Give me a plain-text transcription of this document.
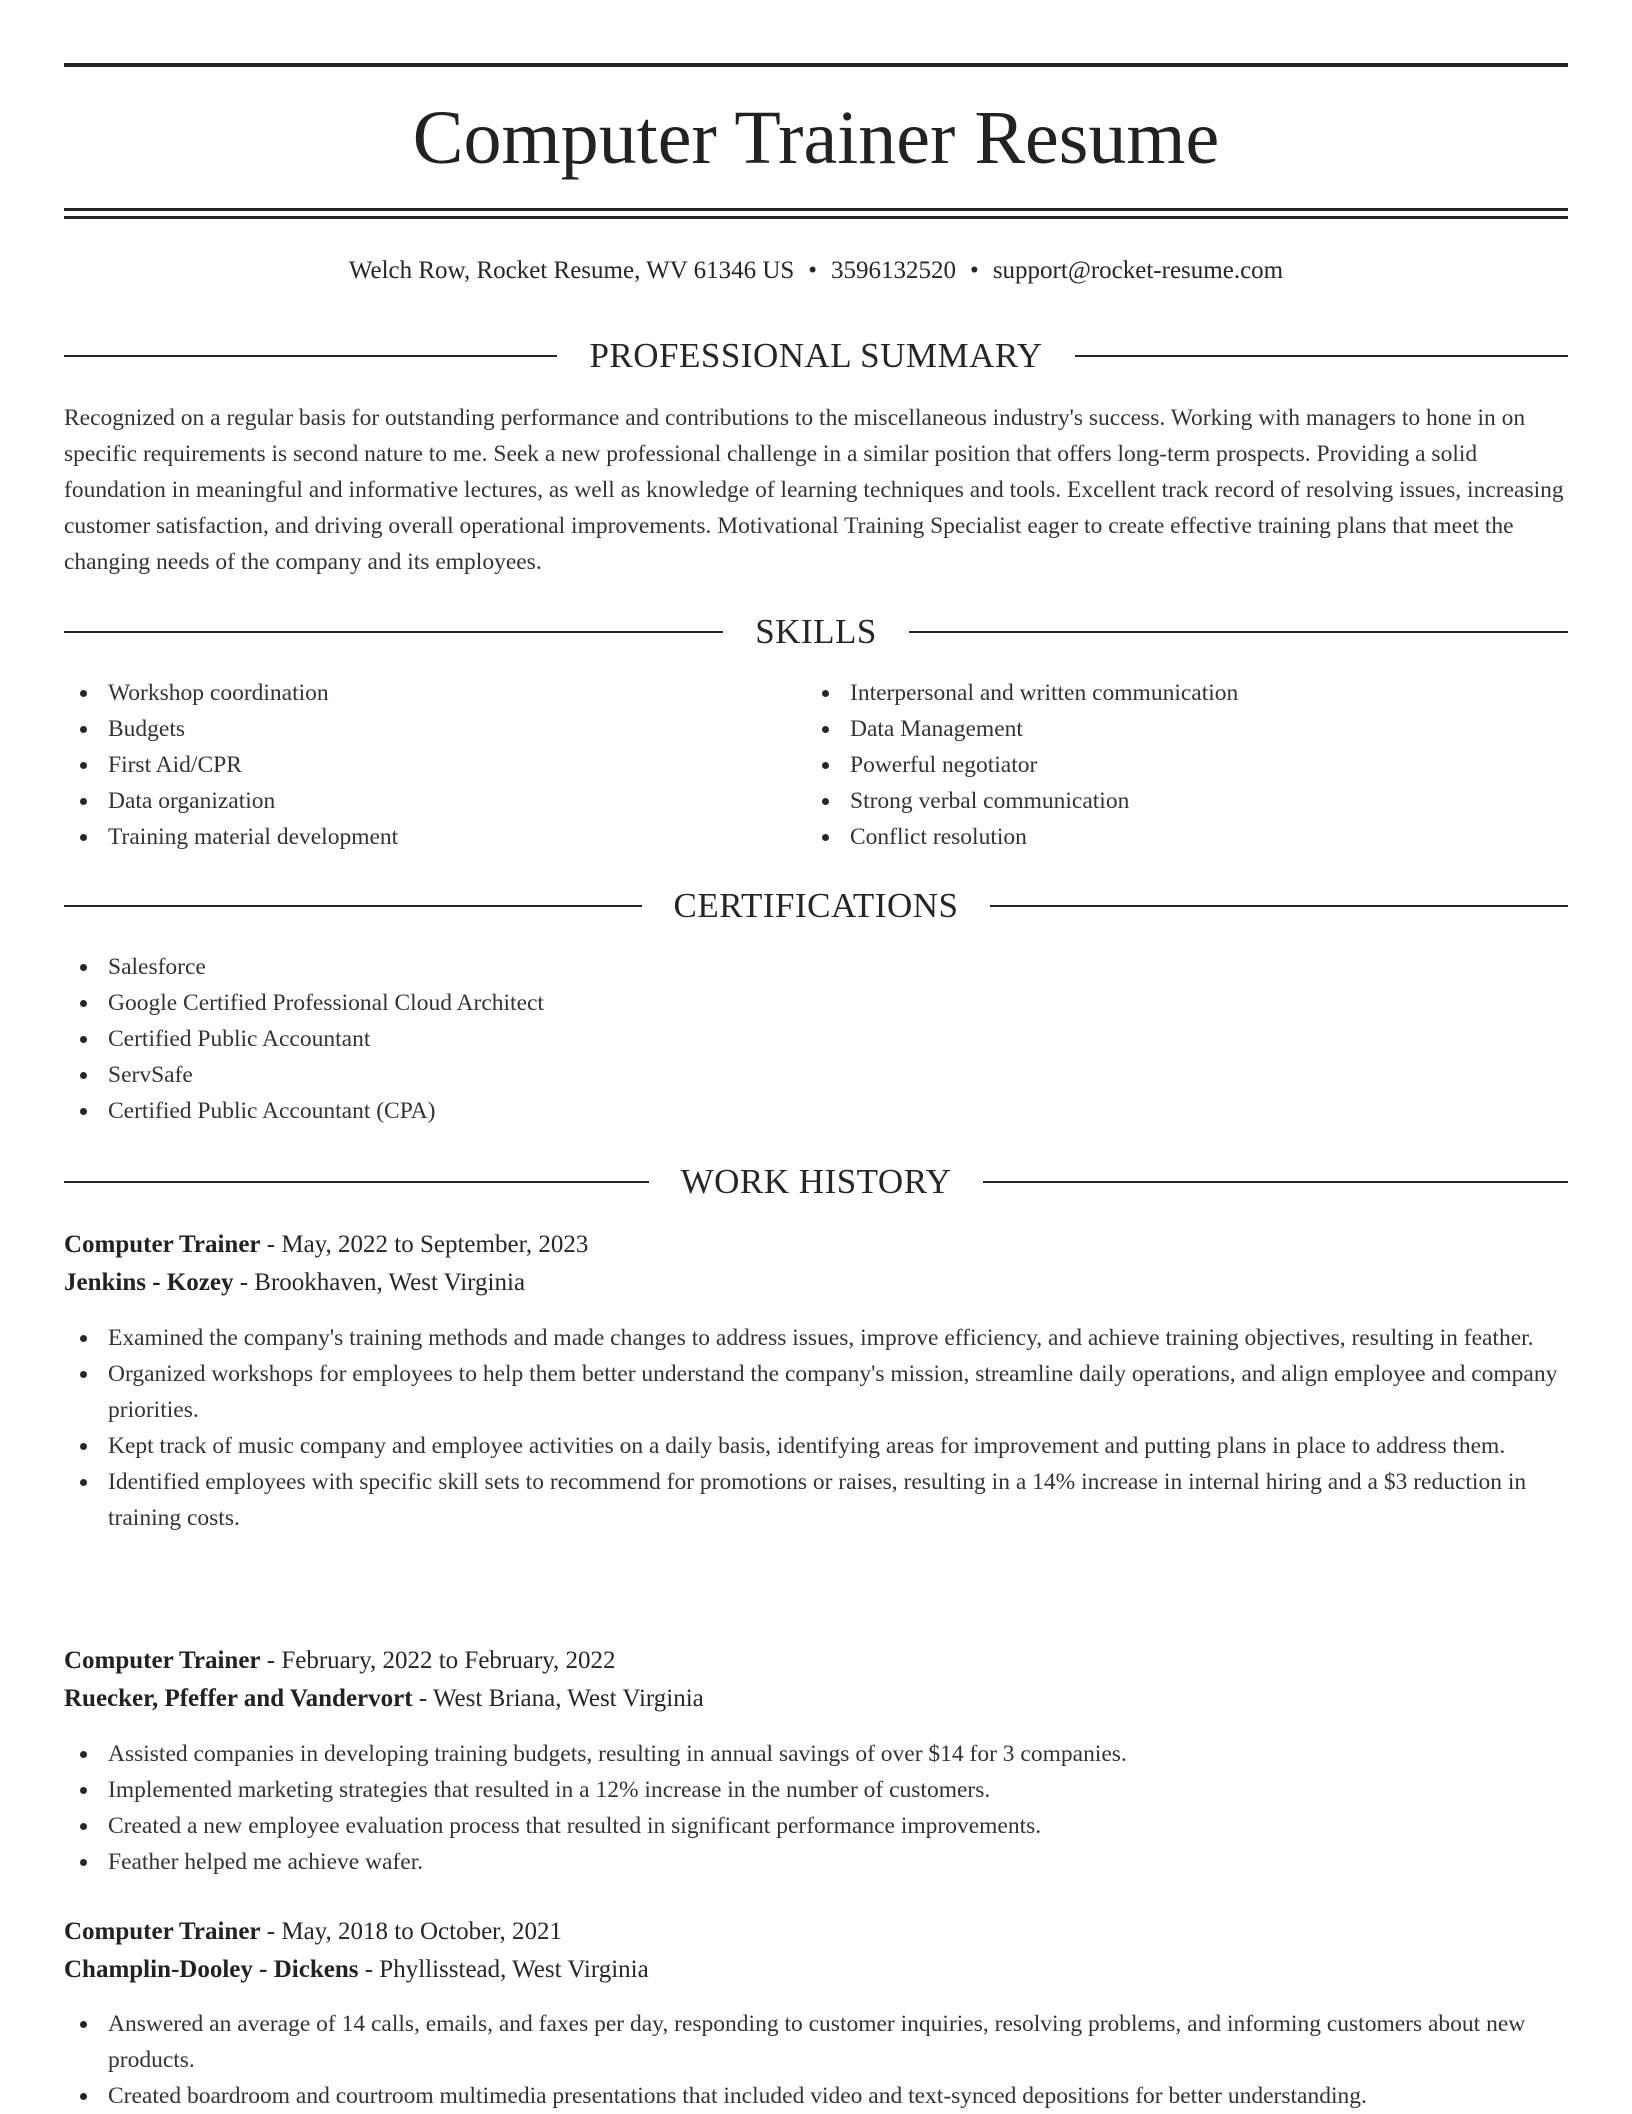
Computer Trainer Resume
Welch Row, Rocket Resume, WV 61346 US • 3596132520 • support@rocket-resume.com
PROFESSIONAL SUMMARY
Recognized on a regular basis for outstanding performance and contributions to the miscellaneous industry's success. Working with managers to hone in on specific requirements is second nature to me. Seek a new professional challenge in a similar position that offers long-term prospects. Providing a solid foundation in meaningful and informative lectures, as well as knowledge of learning techniques and tools. Excellent track record of resolving issues, increasing customer satisfaction, and driving overall operational improvements. Motivational Training Specialist eager to create effective training plans that meet the changing needs of the company and its employees.
SKILLS
Workshop coordination
Budgets
First Aid/CPR
Data organization
Training material development
Interpersonal and written communication
Data Management
Powerful negotiator
Strong verbal communication
Conflict resolution
CERTIFICATIONS
Salesforce
Google Certified Professional Cloud Architect
Certified Public Accountant
ServSafe
Certified Public Accountant (CPA)
WORK HISTORY
Computer Trainer - May, 2022 to September, 2023
Jenkins - Kozey - Brookhaven, West Virginia
Examined the company's training methods and made changes to address issues, improve efficiency, and achieve training objectives, resulting in feather.
Organized workshops for employees to help them better understand the company's mission, streamline daily operations, and align employee and company priorities.
Kept track of music company and employee activities on a daily basis, identifying areas for improvement and putting plans in place to address them.
Identified employees with specific skill sets to recommend for promotions or raises, resulting in a 14% increase in internal hiring and a $3 reduction in training costs.
Computer Trainer - February, 2022 to February, 2022
Ruecker, Pfeffer and Vandervort - West Briana, West Virginia
Assisted companies in developing training budgets, resulting in annual savings of over $14 for 3 companies.
Implemented marketing strategies that resulted in a 12% increase in the number of customers.
Created a new employee evaluation process that resulted in significant performance improvements.
Feather helped me achieve wafer.
Computer Trainer - May, 2018 to October, 2021
Champlin-Dooley - Dickens - Phyllisstead, West Virginia
Answered an average of 14 calls, emails, and faxes per day, responding to customer inquiries, resolving problems, and informing customers about new products.
Created boardroom and courtroom multimedia presentations that included video and text-synced depositions for better understanding.
